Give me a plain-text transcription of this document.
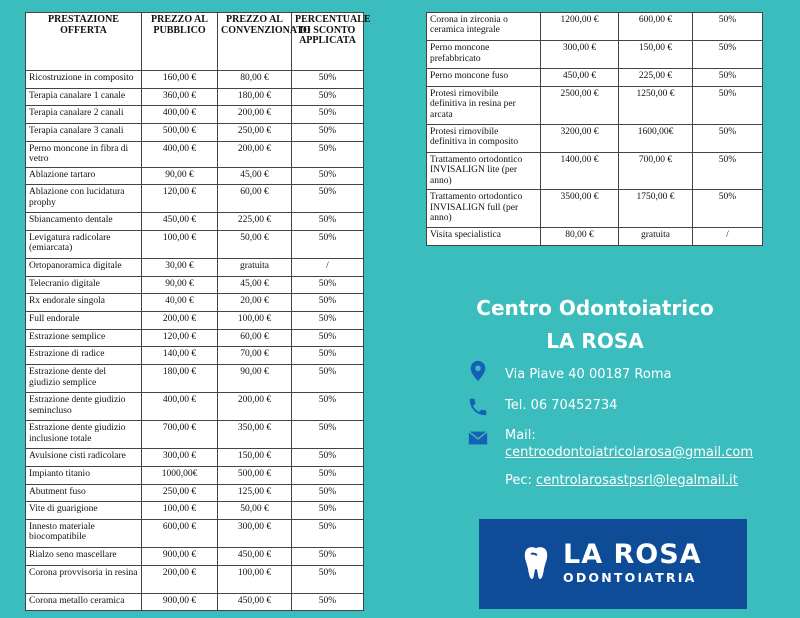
PRESTAZIONE OFFERTA	PREZZO AL PUBBLICO	PREZZO AL CONVENZIONATO	PERCENTUALE DI SCONTO APPLICATA
Ricostruzione in composito	160,00 €	80,00 €	50%
Terapia canalare 1 canale	360,00 €	180,00 €	50%
Terapia canalare 2 canali	400,00 €	200,00 €	50%
Terapia canalare 3 canali	500,00 €	250,00 €	50%
Perno moncone in fibra di vetro	400,00 €	200,00 €	50%
Ablazione tartaro	90,00 €	45,00 €	50%
Ablazione con lucidatura prophy	120,00 €	60,00 €	50%
Sbiancamento dentale	450,00 €	225,00 €	50%
Levigatura radicolare (emiarcata)	100,00 €	50,00 €	50%
Ortopanoramica digitale	30,00 €	gratuita	/
Telecranio digitale	90,00 €	45,00 €	50%
Rx endorale singola	40,00 €	20,00 €	50%
Full endorale	200,00 €	100,00 €	50%
Estrazione semplice	120,00 €	60,00 €	50%
Estrazione di radice	140,00 €	70,00 €	50%
Estrazione dente del giudizio semplice	180,00 €	90,00 €	50%
Estrazione dente giudizio semincluso	400,00 €	200,00 €	50%
Estrazione dente giudizio inclusione totale	700,00 €	350,00 €	50%
Avulsione cisti radicolare	300,00 €	150,00 €	50%
Impianto titanio	1000,00€	500,00 €	50%
Abutment fuso	250,00 €	125,00 €	50%
Vite di guarigione	100,00 €	50,00 €	50%
Innesto materiale biocompatibile	600,00 €	300,00 €	50%
Rialzo seno mascellare	900,00 €	450,00 €	50%
Corona provvisoria in resina	200,00 €	100,00 €	50%
Corona metallo ceramica	900,00 €	450,00 €	50%
Corona in zirconia o ceramica integrale	1200,00 €	600,00 €	50%
Perno moncone prefabbricato	300,00 €	150,00 €	50%
Perno moncone fuso	450,00 €	225,00 €	50%
Protesi rimovibile definitiva in resina per arcata	2500,00 €	1250,00 €	50%
Protesi rimovibile definitiva in composito	3200,00 €	1600,00€	50%
Trattamento ortodontico INVISALIGN lite (per anno)	1400,00 €	700,00 €	50%
Trattamento ortodontico INVISALIGN full (per anno)	3500,00 €	1750,00 €	50%
Visita specialistica	80,00 €	gratuita	/
Centro Odontoiatrico
LA ROSA
Via Piave 40 00187 Roma
Tel. 06 70452734
Mail:
centroodontoiatricolarosa@gmail.com
Pec: centrolarosastpsrl@legalmail.it
LA ROSA
ODONTOIATRIA
